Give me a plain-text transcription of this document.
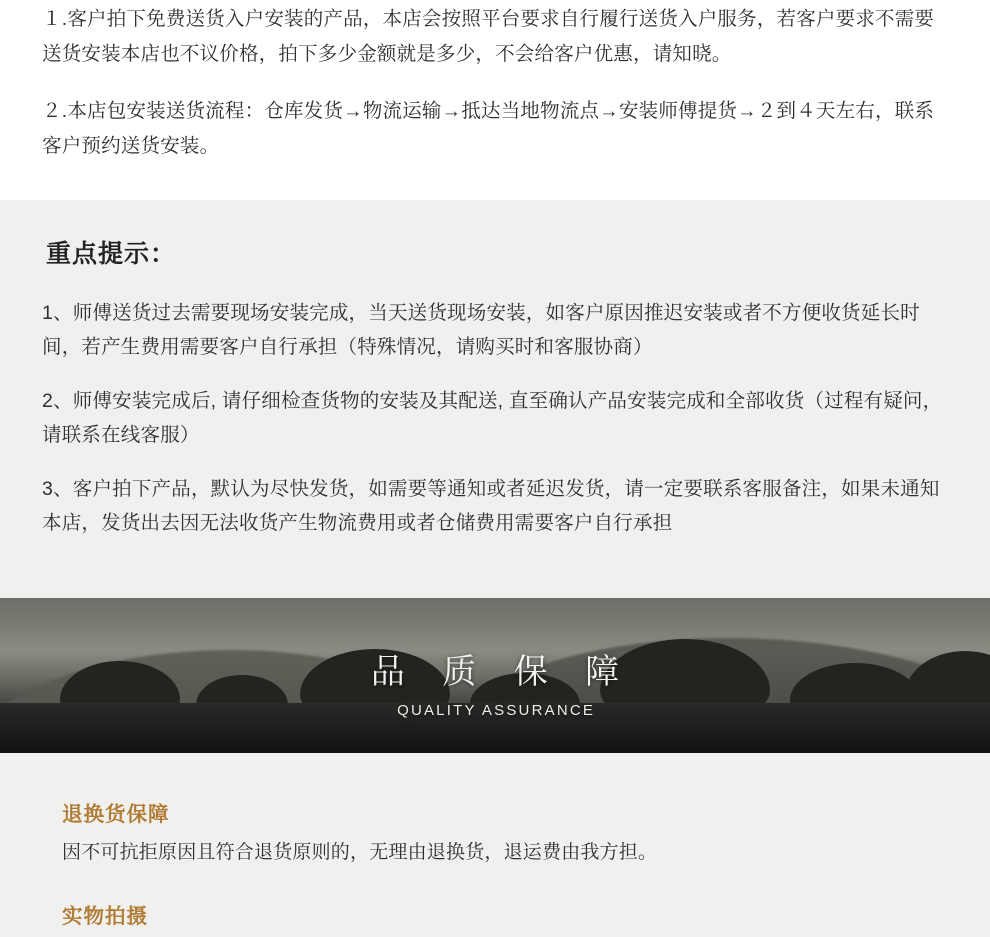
１.客户拍下免费送货入户安装的产品，本店会按照平台要求自行履行送货入户服务，若客户要求不需要送货安装本店也不议价格，拍下多少金额就是多少，不会给客户优惠，请知晓。

２.本店包安装送货流程：仓库发货→物流运输→抵达当地物流点→安装师傅提货→２到４天左右，联系客户预约送货安装。

重点提示：

1、师傅送货过去需要现场安装完成，当天送货现场安装，如客户原因推迟安装或者不方便收货延长时间，若产生费用需要客户自行承担（特殊情况，请购买时和客服协商）

2、师傅安装完成后, 请仔细检查货物的安装及其配送, 直至确认产品安装完成和全部收货（过程有疑问，请联系在线客服）

3、客户拍下产品，默认为尽快发货，如需要等通知或者延迟发货，请一定要联系客服备注，如果未通知本店，发货出去因无法收货产生物流费用或者仓储费用需要客户自行承担

品 质 保 障
QUALITY ASSURANCE
退换货保障

因不可抗拒原因且符合退货原则的，无理由退换货，退运费由我方担。

实物拍摄
